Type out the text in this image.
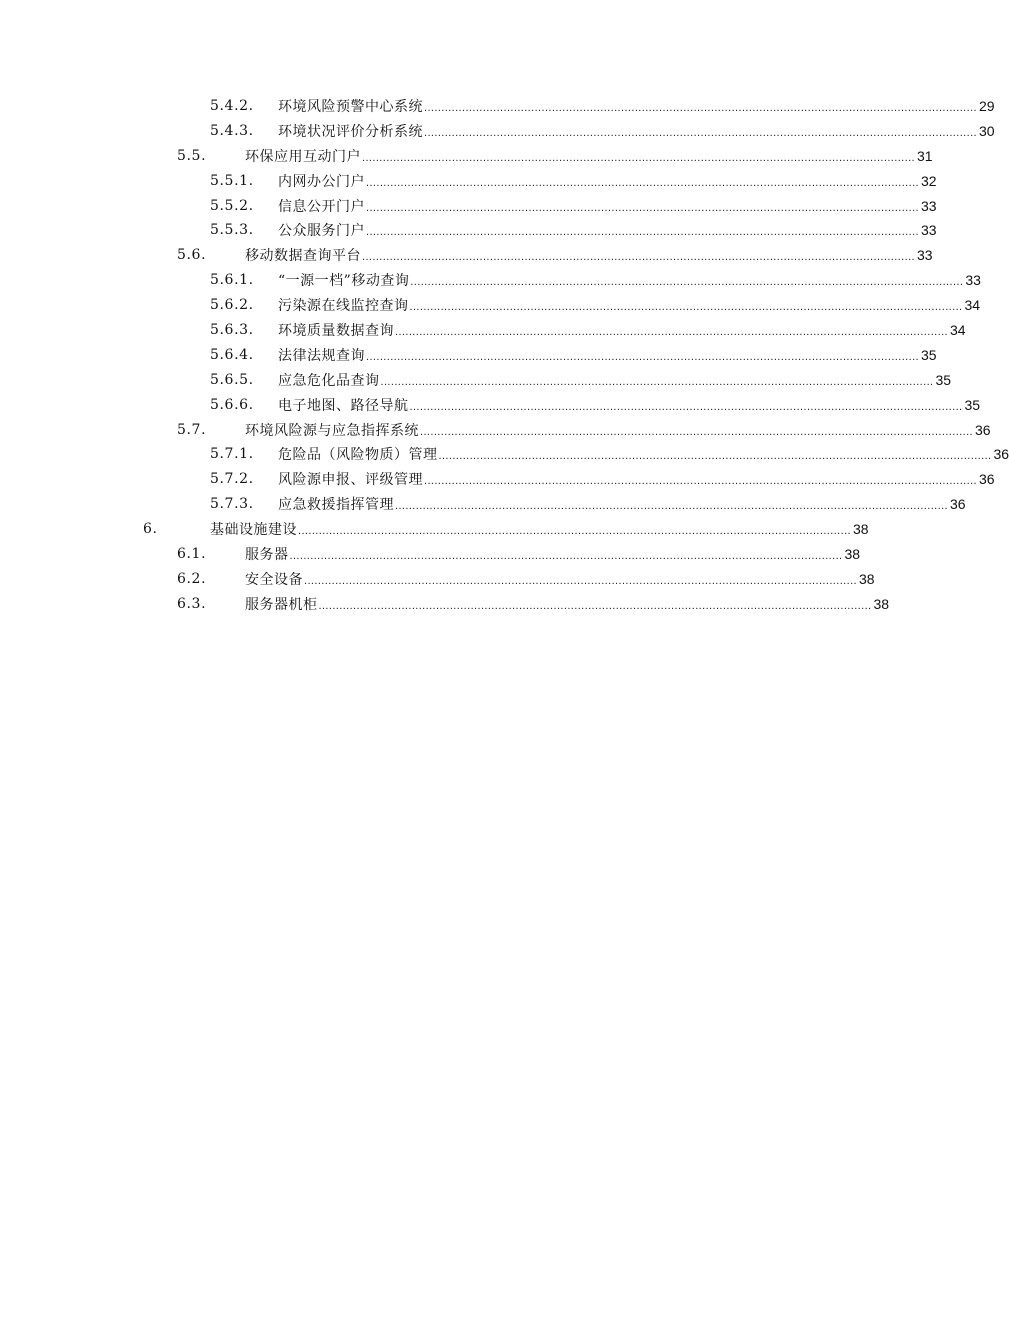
5.4.2. 环境风险预警中心系统 ................................................................................................................................................................ 29
5.4.3. 环境状况评价分析系统 ................................................................................................................................................................ 30
5.5.	环保应用互动门户 ................................................................................................................................................................ 31
5.5.1. 内网办公门户 ................................................................................................................................................................ 32
5.5.2. 信息公开门户 ................................................................................................................................................................ 33
5.5.3. 公众服务门户 ................................................................................................................................................................ 33
5.6.	移动数据查询平台 ................................................................................................................................................................ 33
5.6.1. “一源一档”移动查询 ................................................................................................................................................................ 33
5.6.2. 污染源在线监控查询 ................................................................................................................................................................ 34
5.6.3. 环境质量数据查询 ................................................................................................................................................................ 34
5.6.4. 法律法规查询 ................................................................................................................................................................ 35
5.6.5. 应急危化品查询 ................................................................................................................................................................ 35
5.6.6. 电子地图、路径导航 ................................................................................................................................................................ 35
5.7.	环境风险源与应急指挥系统 ................................................................................................................................................................ 36
5.7.1. 危险品（风险物质）管理 ................................................................................................................................................................ 36
5.7.2. 风险源申报、评级管理 ................................................................................................................................................................ 36
5.7.3. 应急救援指挥管理 ................................................................................................................................................................ 36
6.	基础设施建设 ................................................................................................................................................................ 38
6.1.	服务器 ................................................................................................................................................................ 38
6.2.	安全设备 ................................................................................................................................................................ 38
6.3.	服务器机柜 ................................................................................................................................................................ 38
